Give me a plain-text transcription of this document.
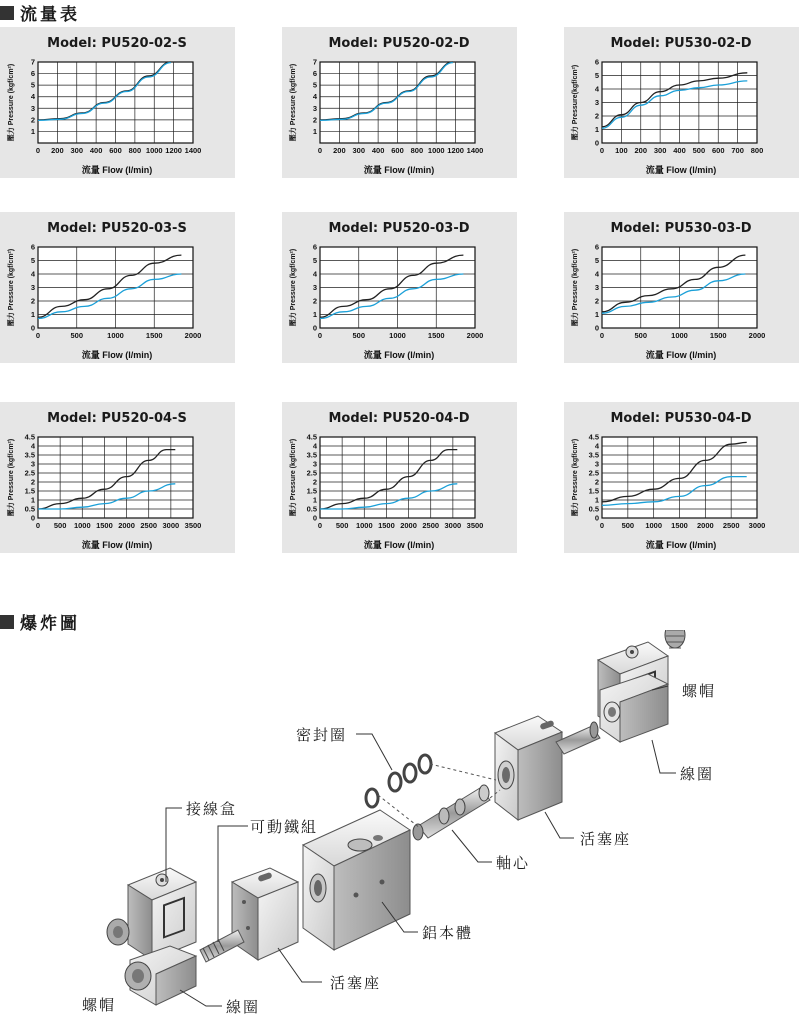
流量表
Model: PU520-02-S
1
2
3
4
5
6
7
0 200 300 400 600 800 1000 1200 1400
流量 Flow (l/min)
壓力 Pressure (kgf/cm²)
Model: PU520-02-D
1
2
3
4
5
6
7
0 200 300 400 600 800 1000 1200 1400
流量 Flow (l/min)
壓力 Pressure (kgf/cm²)
Model: PU530-02-D
0
1
2
3
4
5
6
0 100 200 300 400 500 600 700 800
流量 Flow (l/min)
壓力 Pressure(kgf/cm²)
Model: PU520-03-S
0
1
2
3
4
5
6
0	500	1000	1500	2000
流量 Flow (l/min)
壓力 Pressure (kgf/cm²)
Model: PU520-03-D
0
1
2
3
4
5
6
0	500	1000	1500	2000
流量 Flow (l/min)
壓力 Pressure (kgf/cm²)
Model: PU530-03-D
0
1
2
3
4
5
6
0	500	1000	1500	2000
流量 Flow (l/min)
壓力 Pressure (kgf/cm²)
Model: PU520-04-S
0
0.5
1
1.5
2
2.5
3
3.5
4
4.5
0 500 1000 1500 2000 2500 3000 3500
流量 Flow (l/min)
壓力 Pressure (kgf/cm²)
Model: PU520-04-D
0
0.5
1
1.5
2
2.5
3
3.5
4
4.5
0 500 1000 1500 2000 2500 3000 3500
流量 Flow (l/min)
壓力 Pressure (kgf/cm²)
Model: PU530-04-D
0
0.5
1
1.5
2
2.5
3
3.5
4
4.5
0 500 1000 1500 2000 2500 3000
流量 Flow (l/min)
壓力 Pressure (kgf/cm²)
爆炸圖
螺帽
線圈
密封圈
活塞座
軸心
鋁本體
接線盒
可動鐵組
活塞座
螺帽	線圈
